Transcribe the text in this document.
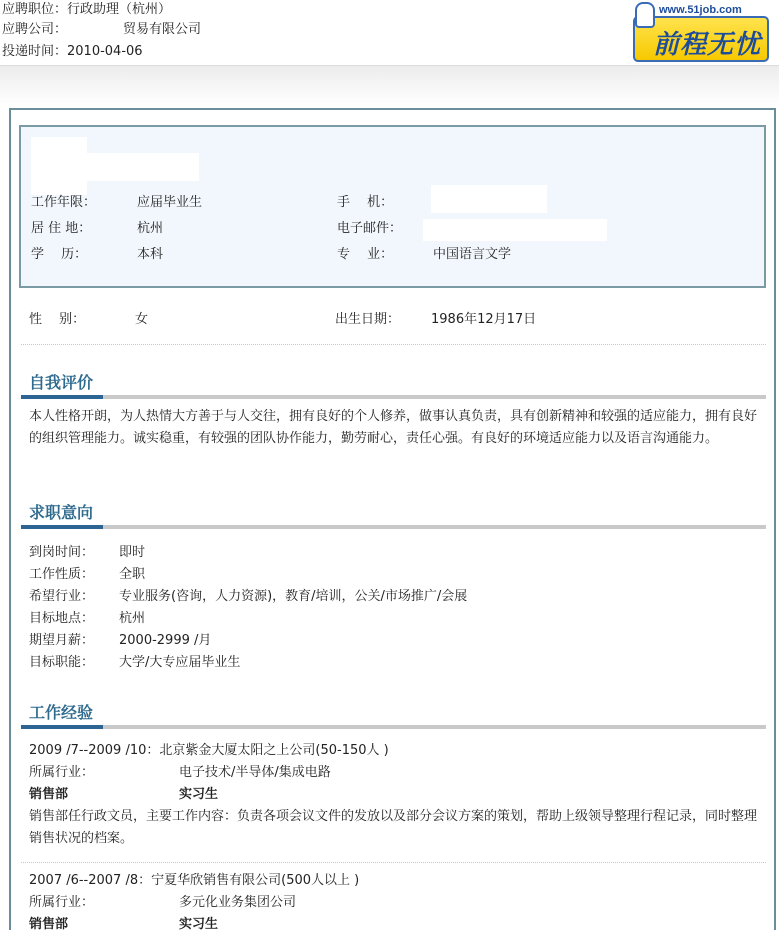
应聘职位：行政助理（杭州）
应聘公司：	贸易有限公司
投递时间：2010-04-06	前程无忧
www.51job.com
工作年限：	应届毕业生	手　 机：
居 住 地：	杭州	电子邮件：
学　 历：	本科	专　 业：	中国语言文学
性　 别：	女	出生日期： 1986年12月17日
自我评价
本人性格开朗，为人热情大方善于与人交往，拥有良好的个人修养，做事认真负责，具有创新精神和较强的适应能力，拥有良好的组织管理能力。诚实稳重，有较强的团队协作能力，勤劳耐心，责任心强。有良好的环境适应能力以及语言沟通能力。
求职意向
到岗时间： 即时
工作性质： 全职
希望行业： 专业服务(咨询，人力资源)，教育/培训，公关/市场推广/会展
目标地点： 杭州
期望月薪： 2000-2999 /月
目标职能： 大学/大专应届毕业生
工作经验
2009 /7--2009 /10：北京紫金大厦太阳之上公司(50-150人 )
所属行业：	电子技术/半导体/集成电路
销售部	实习生
销售部任行政文员，主要工作内容：负责各项会议文件的发放以及部分会议方案的策划，帮助上级领导整理行程记录，同时整理销售状况的档案。
2007 /6--2007 /8：宁夏华欣销售有限公司(500人以上 )
所属行业：	多元化业务集团公司
销售部	实习生
